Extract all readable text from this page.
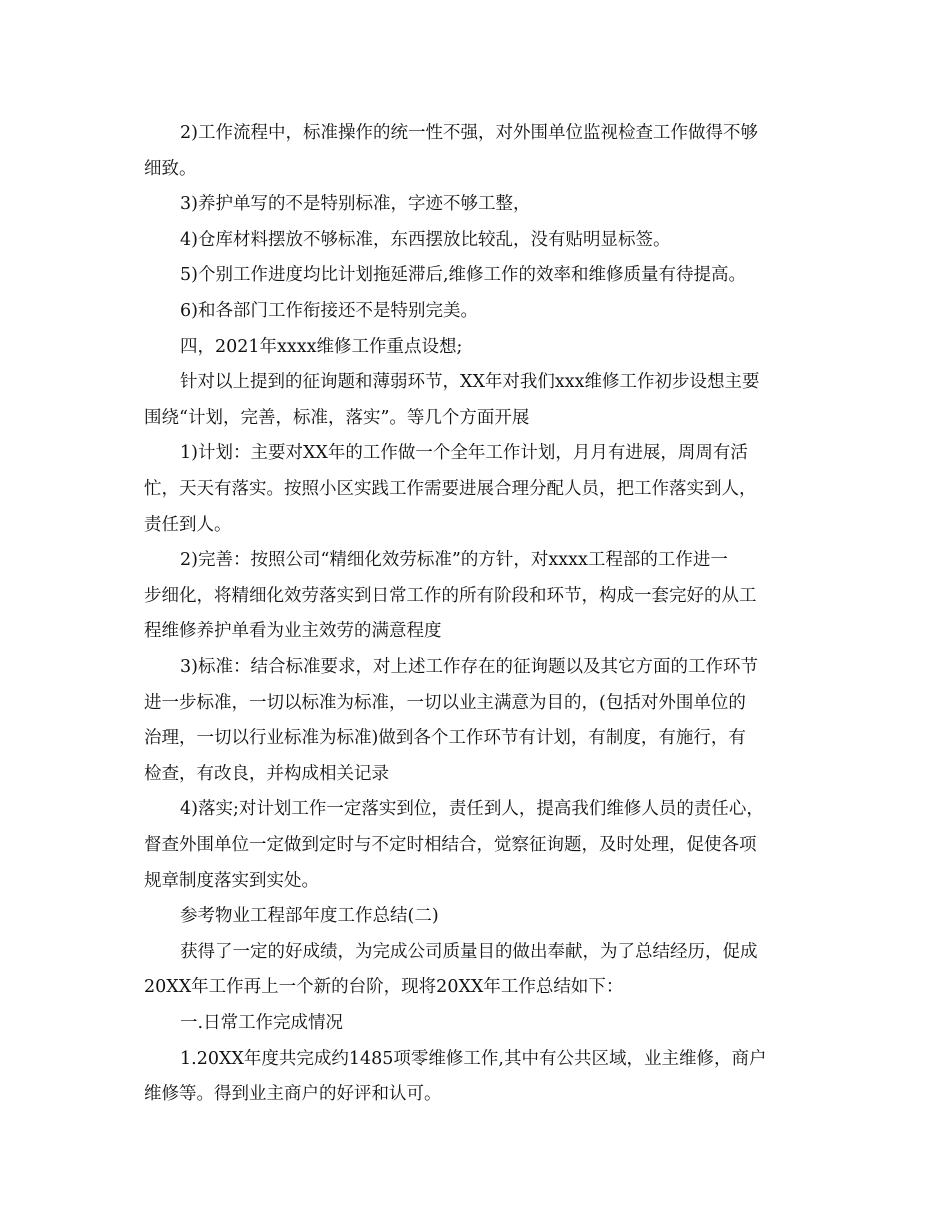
2)工作流程中，标准操作的统一性不强，对外围单位监视检查工作做得不够

细致。

3)养护单写的不是特别标准，字迹不够工整，

4)仓库材料摆放不够标准，东西摆放比较乱，没有贴明显标签。

5)个别工作进度均比计划拖延滞后,维修工作的效率和维修质量有待提高。

6)和各部门工作衔接还不是特别完美。

四，2021年xxxx维修工作重点设想;

针对以上提到的征询题和薄弱环节，XX年对我们xxx维修工作初步设想主要

围绕“计划，完善，标准，落实”。等几个方面开展

1)计划：主要对XX年的工作做一个全年工作计划，月月有进展，周周有活

忙，天天有落实。按照小区实践工作需要进展合理分配人员，把工作落实到人，

责任到人。

2)完善：按照公司“精细化效劳标准”的方针，对xxxx工程部的工作进一

步细化，将精细化效劳落实到日常工作的所有阶段和环节，构成一套完好的从工

程维修养护单看为业主效劳的满意程度

3)标准：结合标准要求，对上述工作存在的征询题以及其它方面的工作环节

进一步标准，一切以标准为标准，一切以业主满意为目的，(包括对外围单位的

治理，一切以行业标准为标准)做到各个工作环节有计划，有制度，有施行，有

检查，有改良，并构成相关记录

4)落实;对计划工作一定落实到位，责任到人，提高我们维修人员的责任心，

督查外围单位一定做到定时与不定时相结合，觉察征询题，及时处理，促使各项

规章制度落实到实处。

参考物业工程部年度工作总结(二)

获得了一定的好成绩，为完成公司质量目的做出奉献，为了总结经历，促成

20XX年工作再上一个新的台阶，现将20XX年工作总结如下：

一.日常工作完成情况

1.20XX年度共完成约1485项零维修工作,其中有公共区域，业主维修，商户

维修等。得到业主商户的好评和认可。
